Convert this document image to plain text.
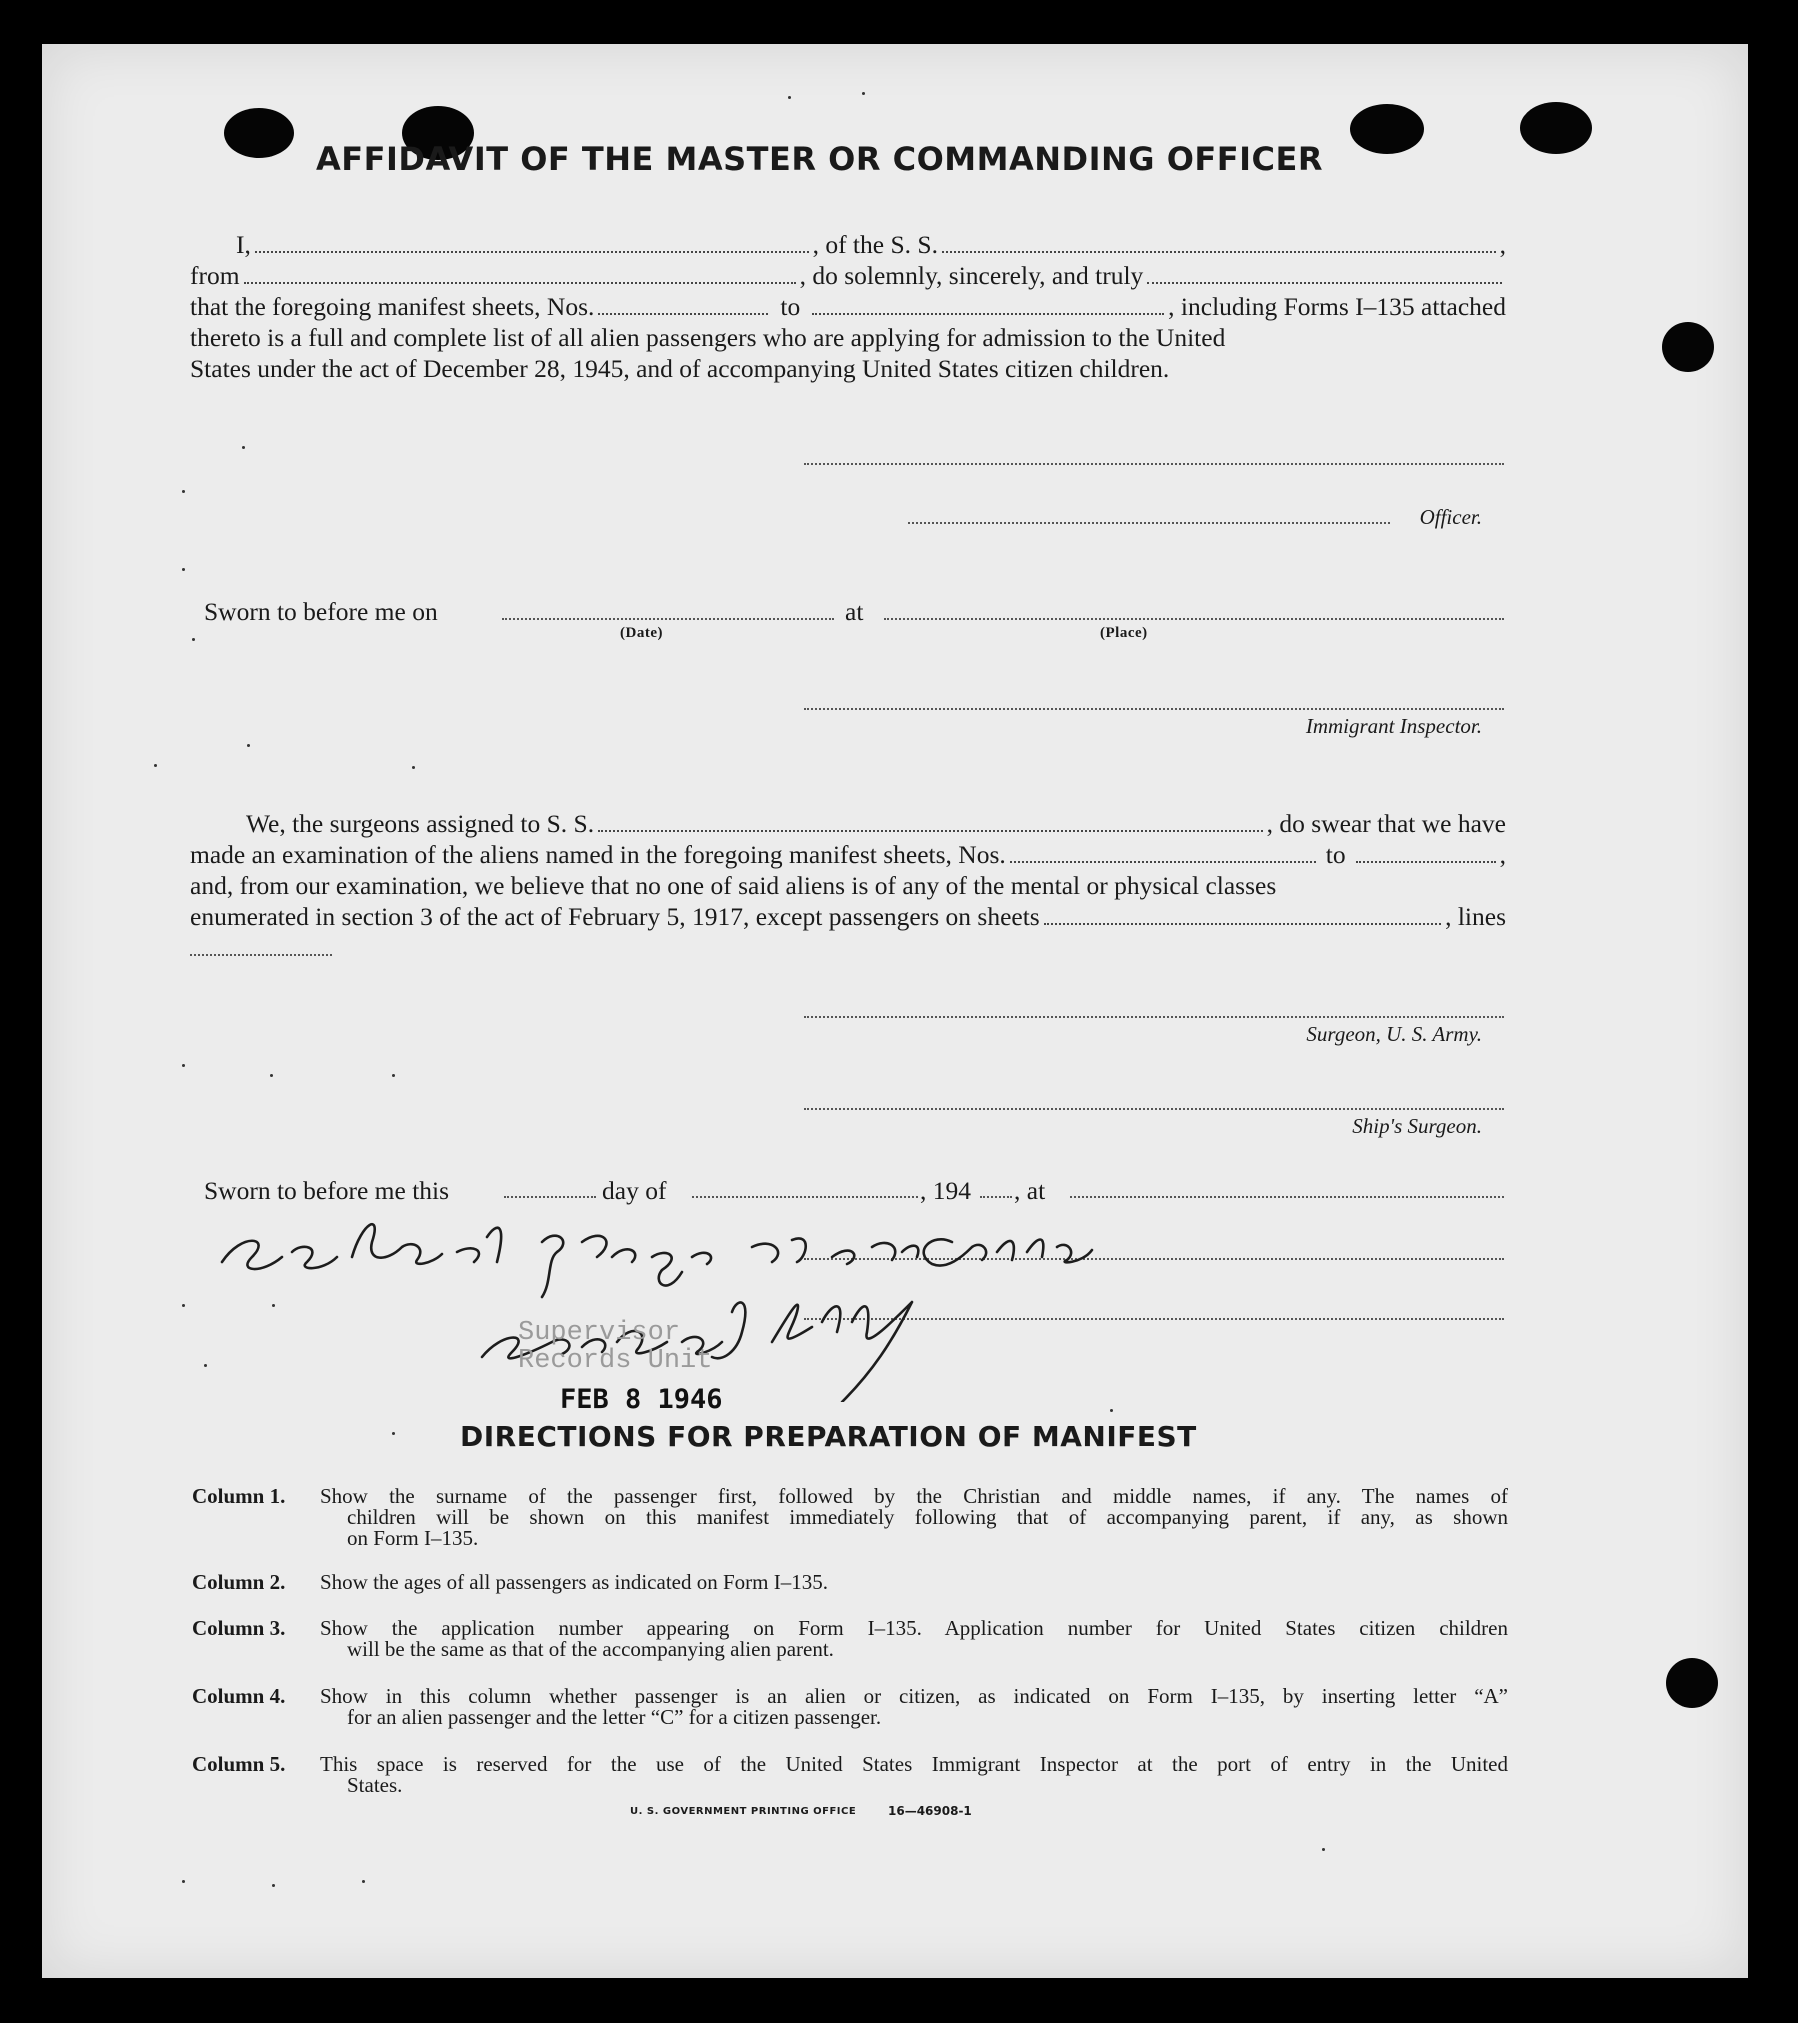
AFFIDAVIT OF THE MASTER OR COMMANDING OFFICER
I,	, of the S. S.	,
from	, do solemnly, sincerely, and truly
that the foregoing manifest sheets, Nos.	to	, including Forms I–135 attached
thereto is a full and complete list of all alien passengers who are applying for admission to the United
States under the act of December 28, 1945, and of accompanying United States citizen children.
Officer.
Sworn to before me on	at
(Date)	(Place)
Immigrant Inspector.
We, the surgeons assigned to S. S.	, do swear that we have
made an examination of the aliens named in the foregoing manifest sheets, Nos.	to	,
and, from our examination, we believe that no one of said aliens is of any of the mental or physical classes
enumerated in section 3 of the act of February 5, 1917, except passengers on sheets	, lines
Surgeon, U. S. Army.
Ship's Surgeon.
Sworn to before me this	day of	, 194 , at
Supervisor
Records Unit
FEB 8 1946
DIRECTIONS FOR PREPARATION OF MANIFEST
Column 1. Show the surname of the passenger first, followed by the Christian and middle names, if any. The names of
children will be shown on this manifest immediately following that of accompanying parent, if any, as shown
on Form I–135.
Column 2. Show the ages of all passengers as indicated on Form I–135.
Column 3. Show the application number appearing on Form I–135. Application number for United States citizen children
will be the same as that of the accompanying alien parent.
Column 4. Show in this column whether passenger is an alien or citizen, as indicated on Form I–135, by inserting letter “A”
for an alien passenger and the letter “C” for a citizen passenger.
Column 5. This space is reserved for the use of the United States Immigrant Inspector at the port of entry in the United
States.
U. S. GOVERNMENT PRINTING OFFICE	16—46908-1
